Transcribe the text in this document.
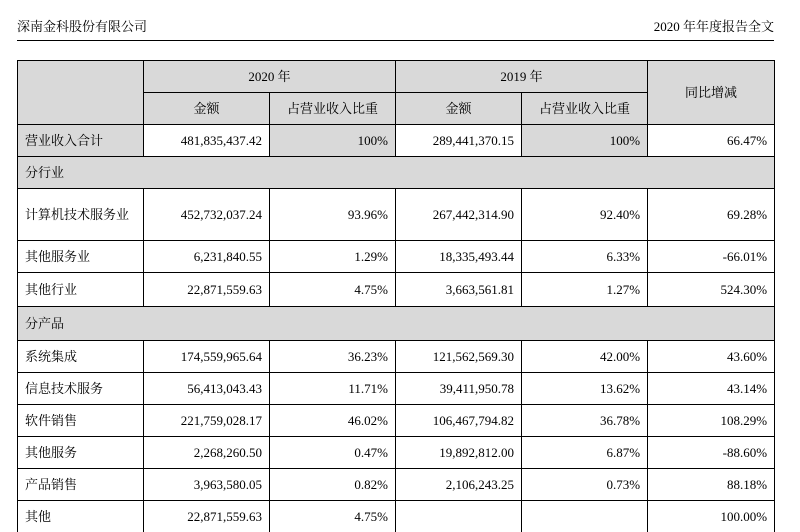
深南金科股份有限公司	2020 年年度报告全文
	2020 年		2019 年		同比增减
	金额	占营业收入比重	金额	占营业收入比重	
营业收入合计	481,835,437.42	100%	289,441,370.15	100%	66.47%
分行业					
计算机技术服务业	452,732,037.24	93.96%	267,442,314.90	92.40%	69.28%
其他服务业	6,231,840.55	1.29%	18,335,493.44	6.33%	-66.01%
其他行业	22,871,559.63	4.75%	3,663,561.81	1.27%	524.30%
分产品					
系统集成	174,559,965.64	36.23%	121,562,569.30	42.00%	43.60%
信息技术服务	56,413,043.43	11.71%	39,411,950.78	13.62%	43.14%
软件销售	221,759,028.17	46.02%	106,467,794.82	36.78%	108.29%
其他服务	2,268,260.50	0.47%	19,892,812.00	6.87%	-88.60%
产品销售	3,963,580.05	0.82%	2,106,243.25	0.73%	88.18%
其他	22,871,559.63	4.75%			100.00%
